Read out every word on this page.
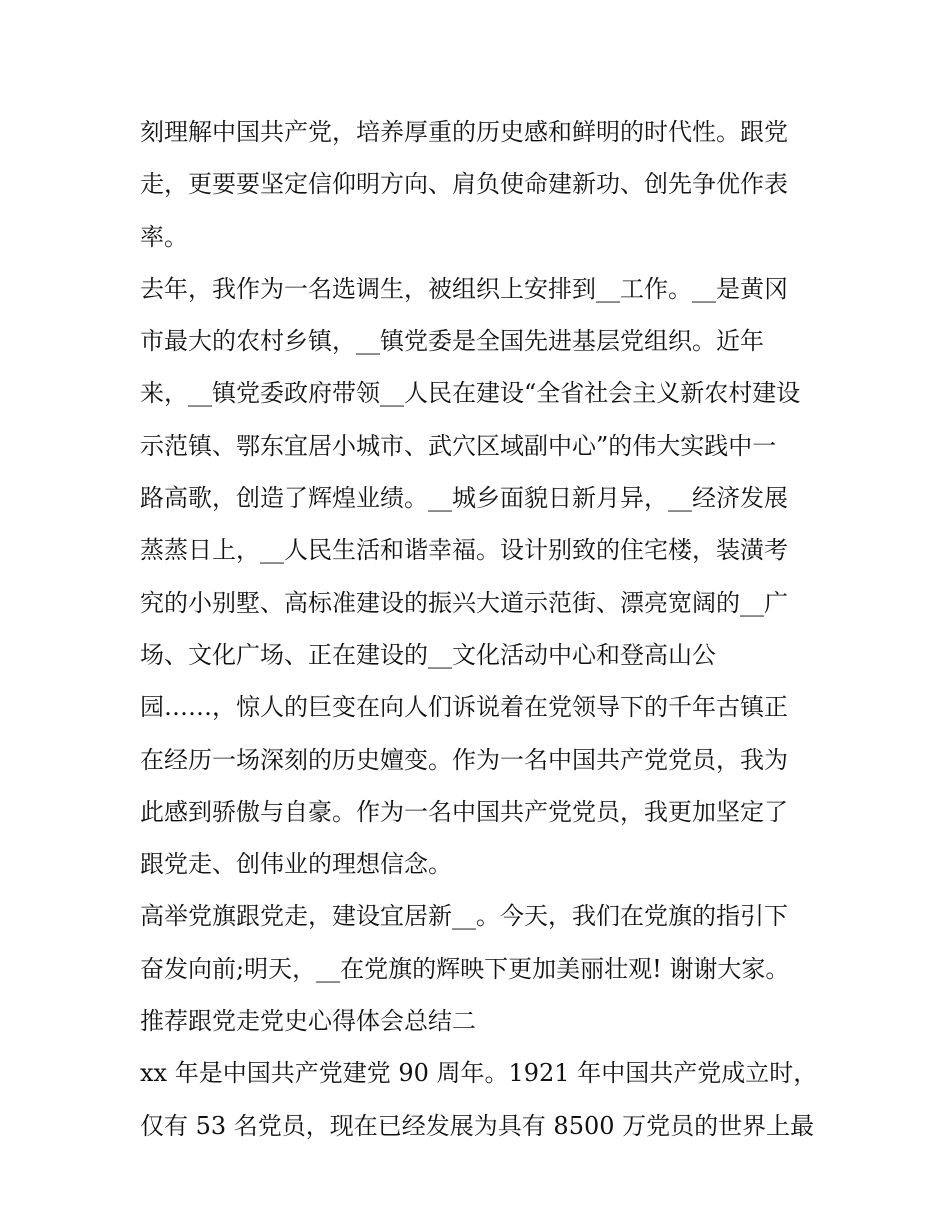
刻理解中国共产党，培养厚重的历史感和鲜明的时代性。跟党
走，更要要坚定信仰明方向、肩负使命建新功、创先争优作表
率。
去年，我作为一名选调生，被组织上安排到__工作。__是黄冈
市最大的农村乡镇，__镇党委是全国先进基层党组织。近年
来，__镇党委政府带领__人民在建设“全省社会主义新农村建设
示范镇、鄂东宜居小城市、武穴区域副中心”的伟大实践中一
路高歌，创造了辉煌业绩。__城乡面貌日新月异，__经济发展
蒸蒸日上，__人民生活和谐幸福。设计别致的住宅楼，装潢考
究的小别墅、高标准建设的振兴大道示范街、漂亮宽阔的__广
场、文化广场、正在建设的__文化活动中心和登高山公
园……，惊人的巨变在向人们诉说着在党领导下的千年古镇正
在经历一场深刻的历史嬗变。作为一名中国共产党党员，我为
此感到骄傲与自豪。作为一名中国共产党党员，我更加坚定了
跟党走、创伟业的理想信念。
高举党旗跟党走，建设宜居新__。今天，我们在党旗的指引下
奋发向前;明天，__在党旗的辉映下更加美丽壮观! 谢谢大家。
推荐跟党走党史心得体会总结二
xx 年是中国共产党建党 90 周年。1921 年中国共产党成立时，
仅有 53 名党员，现在已经发展为具有 8500 万党员的世界上最
